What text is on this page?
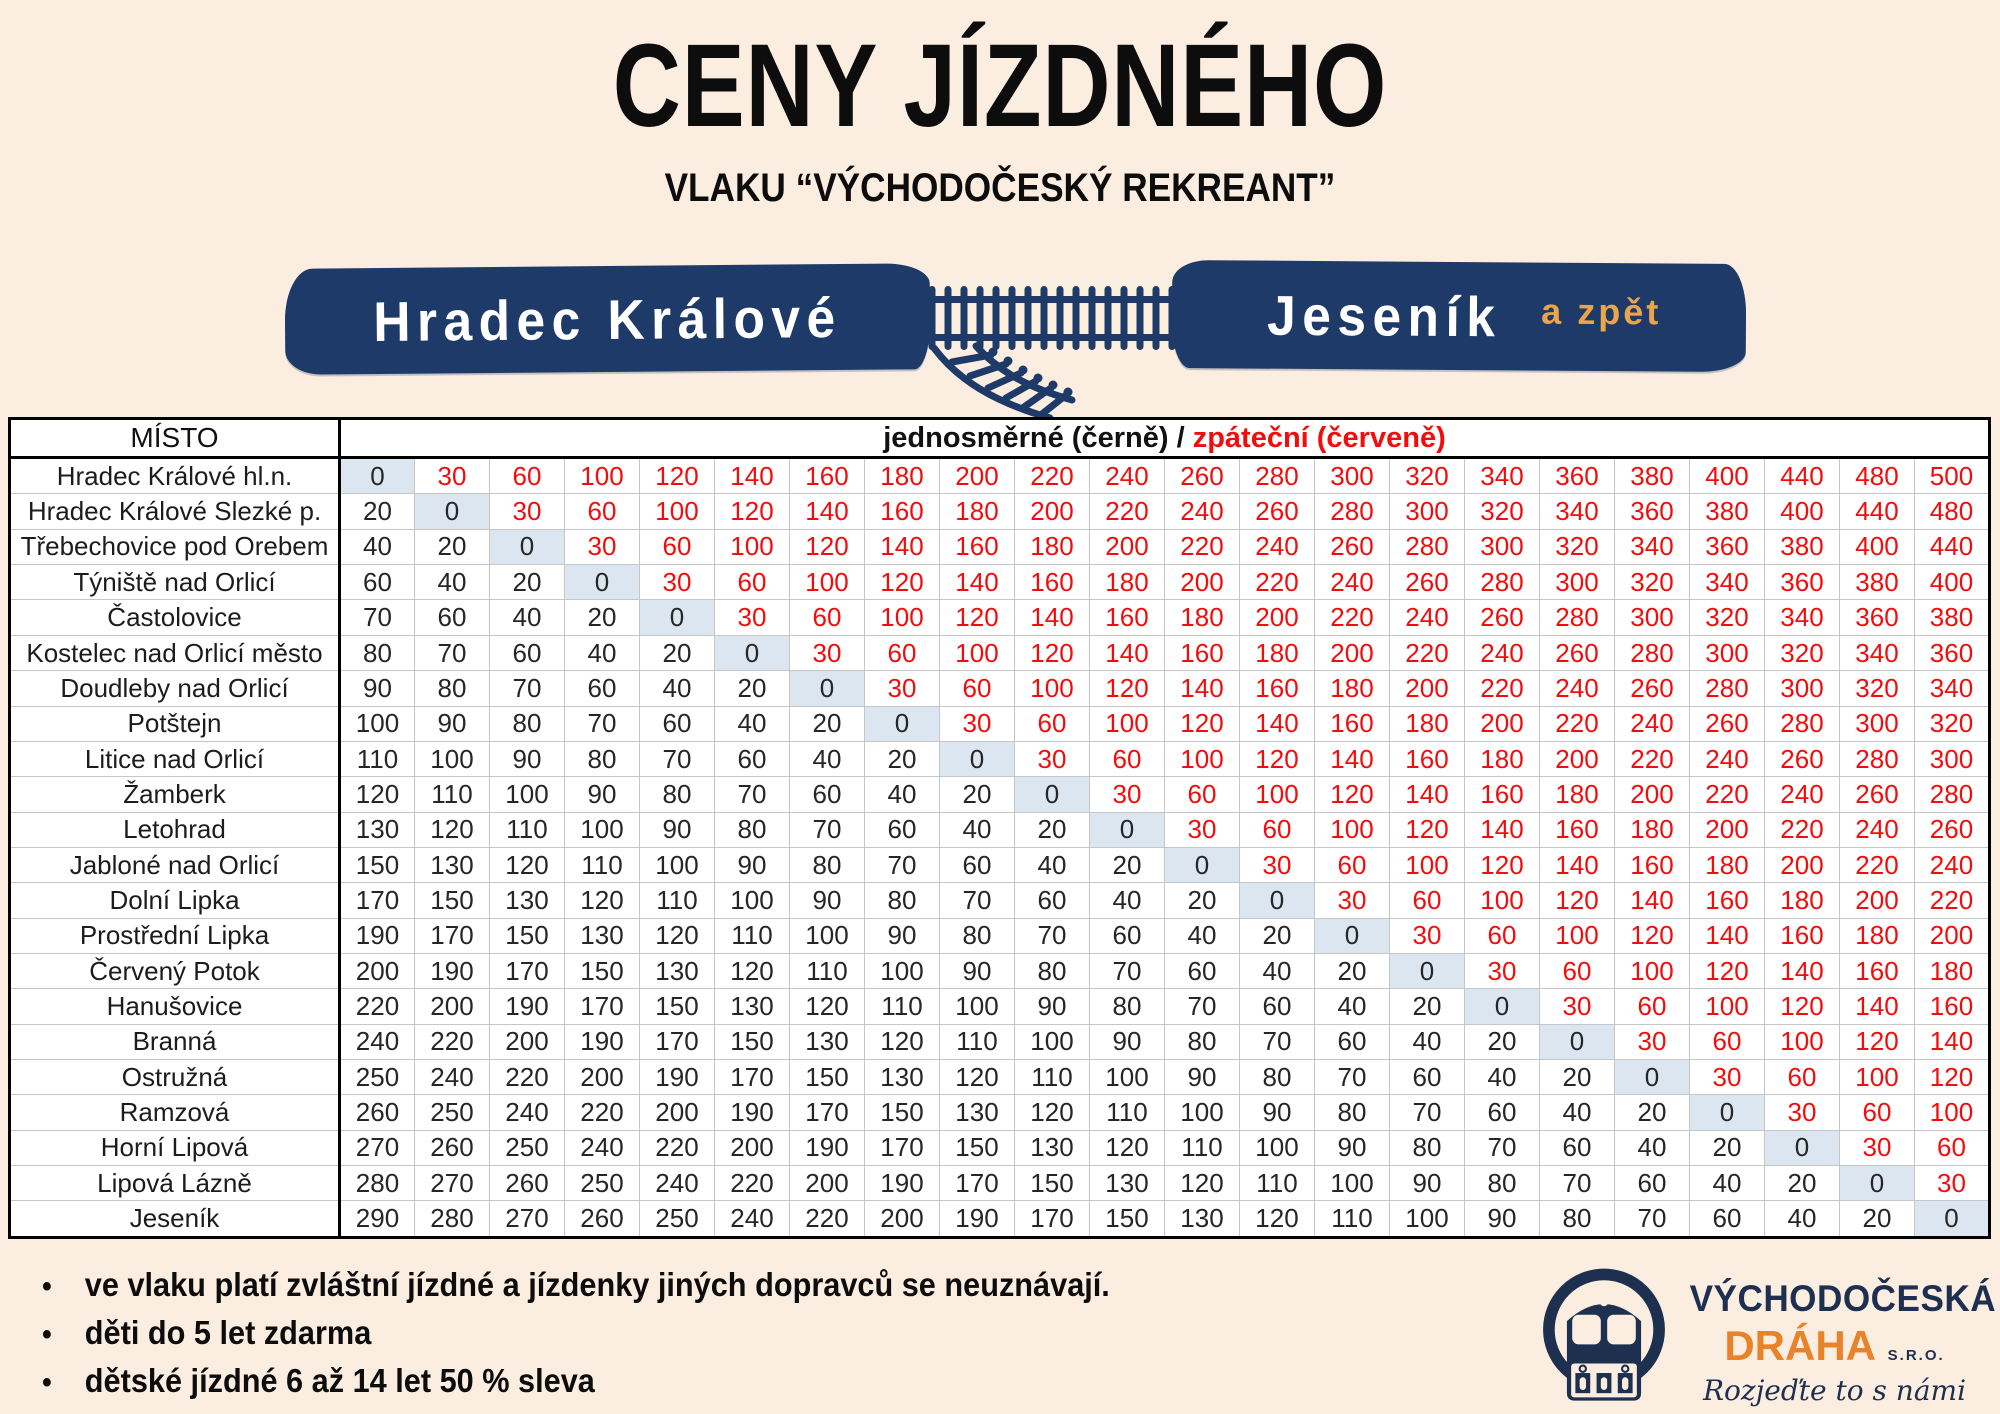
CENY JÍZDNÉHO
VLAKU “VÝCHODOČESKÝ REKREANT”
Hradec Králové	Jeseník a zpět
MÍSTO	jednosměrné (černě) / zpáteční (červeně)																					
Hradec Králové hl.n.	0	30	60	100	120	140	160	180	200	220	240	260	280	300	320	340	360	380	400	440	480	500
Hradec Králové Slezké p.	20	0	30	60	100	120	140	160	180	200	220	240	260	280	300	320	340	360	380	400	440	480
Třebechovice pod Orebem	40	20	0	30	60	100	120	140	160	180	200	220	240	260	280	300	320	340	360	380	400	440
Týniště nad Orlicí	60	40	20	0	30	60	100	120	140	160	180	200	220	240	260	280	300	320	340	360	380	400
Častolovice	70	60	40	20	0	30	60	100	120	140	160	180	200	220	240	260	280	300	320	340	360	380
Kostelec nad Orlicí město	80	70	60	40	20	0	30	60	100	120	140	160	180	200	220	240	260	280	300	320	340	360
Doudleby nad Orlicí	90	80	70	60	40	20	0	30	60	100	120	140	160	180	200	220	240	260	280	300	320	340
Potštejn	100	90	80	70	60	40	20	0	30	60	100	120	140	160	180	200	220	240	260	280	300	320
Litice nad Orlicí	110	100	90	80	70	60	40	20	0	30	60	100	120	140	160	180	200	220	240	260	280	300
Žamberk	120	110	100	90	80	70	60	40	20	0	30	60	100	120	140	160	180	200	220	240	260	280
Letohrad	130	120	110	100	90	80	70	60	40	20	0	30	60	100	120	140	160	180	200	220	240	260
Jabloné nad Orlicí	150	130	120	110	100	90	80	70	60	40	20	0	30	60	100	120	140	160	180	200	220	240
Dolní Lipka	170	150	130	120	110	100	90	80	70	60	40	20	0	30	60	100	120	140	160	180	200	220
Prostřední Lipka	190	170	150	130	120	110	100	90	80	70	60	40	20	0	30	60	100	120	140	160	180	200
Červený Potok	200	190	170	150	130	120	110	100	90	80	70	60	40	20	0	30	60	100	120	140	160	180
Hanušovice	220	200	190	170	150	130	120	110	100	90	80	70	60	40	20	0	30	60	100	120	140	160
Branná	240	220	200	190	170	150	130	120	110	100	90	80	70	60	40	20	0	30	60	100	120	140
Ostružná	250	240	220	200	190	170	150	130	120	110	100	90	80	70	60	40	20	0	30	60	100	120
Ramzová	260	250	240	220	200	190	170	150	130	120	110	100	90	80	70	60	40	20	0	30	60	100
Horní Lipová	270	260	250	240	220	200	190	170	150	130	120	110	100	90	80	70	60	40	20	0	30	60
Lipová Lázně	280	270	260	250	240	220	200	190	170	150	130	120	110	100	90	80	70	60	40	20	0	30
Jeseník	290	280	270	260	250	240	220	200	190	170	150	130	120	110	100	90	80	70	60	40	20	0
• ve vlaku platí zvláštní jízdné a jízdenky jiných dopravců se neuznávají.
• děti do 5 let zdarma
• dětské jízdné 6 až 14 let 50 % sleva
VÝCHODOČESKÁ
DRÁHA S.R.O.
Rozjeďte to s námi
